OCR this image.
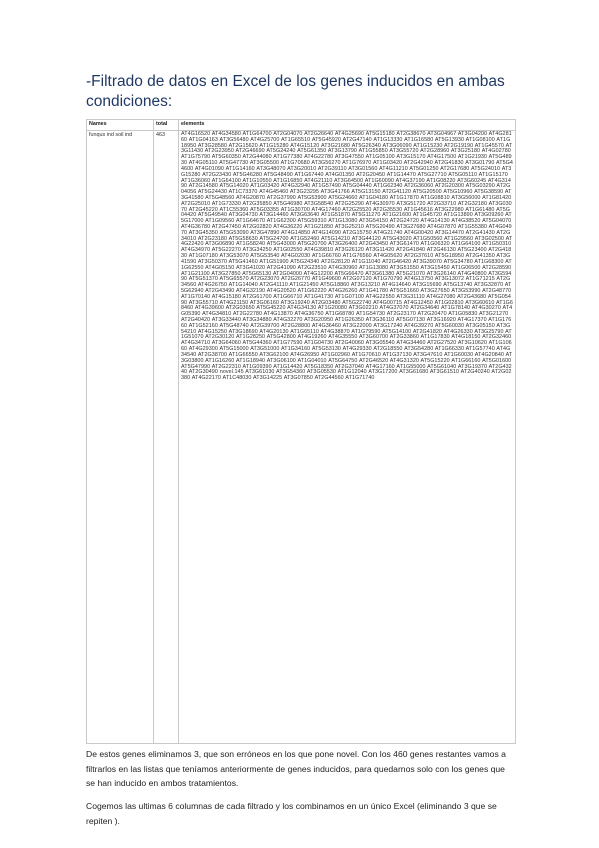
-Filtrado de datos en Excel de los genes inducidos en ambas condiciones:
Names	total	elements
funqus ind soil ind	463	AT4G16520 AT4G34580 AT1G64700 AT2G04070 AT2G26640 AT4G25690 AT5G15180 AT2G38670 AT3G04967 AT3G04200 AT4G28160 AT1G04163 AT3G56480 AT4G25700 AT1G65510 AT5G45920 AT2G47140 AT1G13330 AT1G16580 AT5G13930 AT1G08100 AT1G18950 AT3G28580 AT2G15620 AT1G15280 AT4G15120 AT3G21680 AT5G26340 AT3G06090 AT1G15230 AT2G19190 AT1G45570 AT3G11430 AT2G23950 AT2G46690 AT5G24240 AT5G61350 AT3G13790 AT1G55850 AT3G55720 AT2G28960 AT3G25180 AT4G02780 AT1G75790 AT5G60350 AT2G44080 AT1G77380 AT4G22780 AT3G47550 AT1G05100 AT3G15170 AT4G17500 AT1G21930 AT5G48930 AT4G05110 AT5G47730 AT3G05500 AT1G70680 AT3G56270 AT1G76970 AT1G03420 AT2G42940 AT2G41830 AT3G01790 AT5G44600 AT4G01090 AT1G14160 AT3G48070 AT3G20010 AT2G39110 AT3G01560 AT4G11210 AT5G01250 AT2G17680 AT5G24010 AT3G15280 AT2G23430 AT5G46280 AT5G48490 AT1G67440 AT4G01350 AT2G20450 AT1G14470 AT5G27710 AT5G05110 AT1G15170 AT1G36060 AT1G64100 AT1G10550 AT1G16850 AT4G21110 AT3G64500 AT1G60090 AT4G37190 AT1G08220 AT3G60245 AT4G31490 AT2G14580 AT5G14020 AT1G03420 AT4G32940 AT1G57490 AT5G04440 AT1G62340 AT2G36060 AT2G20300 AT5G03290 AT2G04056 AT5G24430 AT1C73370 AT4G45460 AT3G23295 AT3G41766 AT5G13150 AT2G41120 AT5G20500 AT5G10960 AT5G38590 AT3G41580 AT5G48560 AT4G20870 AT2G37990 AT5G53900 AT5G24660 AT1G04180 AT1G17870 AT1G08810 AT3G56000 AT1G81420 AT2G25010 AT1G73330 AT2G35850 AT5G46980 AT3G58540 AT2G25290 AT4G30970 AT3G51720 AT2G33710 AT2G32180 AT3G03070 AT2G45220 AT1C55360 AT5G03355 AT1G30700 AT4G17460 AT2G25520 AT2G35530 AT1G45616 AT3G22980 AT1G61480 AT5G04420 AT5G49540 AT3G04730 AT3G14460 AT3G63640 AT1G51870 AT5G11270 AT1G21600 AT1G45720 AT1G13890 AT3G09260 AT5G17000 AT1G09560 AT1G64670 AT1G62300 AT5G59310 AT1G13080 AT3G54150 AT2G24720 AT4G14130 AT4G38520 AT5G04070 AT4G36780 AT2G47450 AT2G02820 AT4G36220 AT1G21850 AT3G25210 AT5G20490 AT3G27680 AT4G07870 AT1G55380 AT4G04970 AT3G45350 AT5G53090 AT3G47890 AT4G14850 AT4G14090 AT2G15750 AT4G21740 AT4G00420 AT3G14470 AT2G41430 AT2G34010 AT2G23180 AT5G58630 AT5G24700 AT1G52460 AT5G14210 AT3G44120 AT5G43020 AT1G50560 AT1G29560 AT3G02500 AT4G22420 AT3G06890 AT1G58240 AT5G43000 AT5G20700 AT3G26400 AT2G43450 AT3G61470 AT1G06320 AT1G64100 AT1G50310 AT4G34970 AT5G22270 AT3G34250 AT1G02550 AT4G39810 AT3G26120 AT3G11420 AT2G41840 AT2G46130 AT5G23400 AT2G41830 AT1G07180 AT3G53070 AT5G53540 AT4G02030 AT1G66760 AT1G76560 AT4G05620 AT2G37610 AT5G18950 AT2G41350 AT3G41590 AT3G50370 AT5G41460 AT1G51900 AT5G24340 AT2G28120 AT1G11040 AT2G46420 AT3G39070 AT5G34780 AT1G68300 AT1G62550 AT4G05150 AT3G41020 AT2G41090 AT2G23510 AT4G30960 AT1G13080 AT3G51550 AT3G15450 AT1G06500 AT2G28590 AT1G21100 AT3G27850 AT5G65130 AT2G04000 AT4G12200 AT5G66470 AT3G61380 AT5G21070 AT3G26140 AT4G40800 AT3G59490 AT5G51370 AT5G65570 AT2G23070 AT2G26770 AT1G49600 AT2G07120 AT1G70790 AT4G13750 AT3G13072 AT1G71215 AT2G34560 AT4G26750 AT1G14040 AT2G41110 AT1G21450 AT5G18860 AT3G13210 AT4G14640 AT3G15690 AT5G13740 AT3G32870 AT5G62940 AT2G43490 AT4G32190 AT4G20520 AT1G62220 AT4G26260 AT1G41780 AT5G51660 AT3G27650 AT3G53990 AT2G48770 AT1G70140 AT4G15180 AT2G61700 AT1G66710 AT1G41730 AT1G07100 AT4G22550 AT3G31110 AT4G27080 AT2G43680 AT5G05490 AT3G55710 AT4G21150 AT3G06160 AT3G19240 AT2G03480 AT5G22740 AT4G00715 AT4G12450 AT1G02810 AT3G60610 AT1G68460 AT4G39600 AT2G03650 AT5G45220 AT4G34130 AT1G20080 AT3G02210 AT4G37070 AT2G34640 AT1G78140 AT4G30270 AT4G05390 AT4G34810 AT2G22780 AT4G13870 AT4G36750 AT1G68780 AT1G54730 AT2G23170 AT2G20470 AT1G05830 AT3G21270 AT2G40420 AT3G33440 AT3G34880 AT4G32270 AT3G20950 AT1G26350 AT3G36110 AT5G07130 AT3G16920 AT4G17370 AT1G17660 AT1G52160 AT5G48740 AT2G39700 AT2G28800 AT4G36460 AT3G22000 AT3G17240 AT4G39270 AT5G60030 AT3G05150 AT3G54210 AT4G15250 AT3G18690 AT4G20130 AT1G65110 AT4G38870 AT1G79590 AT5G14100 AT2G41820 AT4G26330 AT3G25790 AT1G51070 AT2G30120 AT1G28250 AT5G42800 AT4G19260 AT4G35550 AT3G60700 AT2G33860 AT1G17830 AT4G18150 AT2G32460 AT4G34710 AT3G64060 AT5G44360 AT1G77590 AT1G04730 AT2G40060 AT3G05540 AT4G34460 AT2G27520 AT3G10620 AT1G10660 AT4G29300 AT5G15000 AT3G51000 AT1G34160 AT5G53130 AT4G29330 AT2G18550 AT3G54280 AT1G66330 AT1G57740 AT4G34540 AT2G38700 AT1G66550 AT3G62100 AT4G26950 AT1G02960 AT1G70610 AT1G37130 AT3G47610 AT1G60030 AT4G20840 AT3G03800 AT1G16260 AT1G18940 AT3G06100 AT1G04010 AT5G64750 AT2G46520 AT4G31320 AT5G15220 AT1G66160 AT5G01600 AT5G47990 AT2G22310 AT1G09390 AT1G14420 AT5G18350 AT2G37040 AT4G17160 AT1G55000 AT5G61040 AT3G19370 AT2G43240 AT2G30490 novel.145 AT3G61030 AT3G54360 AT3G05530 AT1G12040 AT3G17200 AT3G61680 AT3G61510 AT2G40240 AT2G02380 AT4G22170 AT1C48030 AT3G14225 AT3G07850 AT2G44560 AT1G71740

De estos genes eliminamos 3, que son erróneos en los que pone novel. Con los 460 genes restantes vamos a filtrarlos en las listas que teníamos anteriormente de genes inducidos, para quedarnos solo con los genes que se han inducido en ambos tratamientos.

Cogemos las ultimas 6 columnas de cada filtrado y los combinamos en un único Excel (eliminando 3 que se repiten ).
